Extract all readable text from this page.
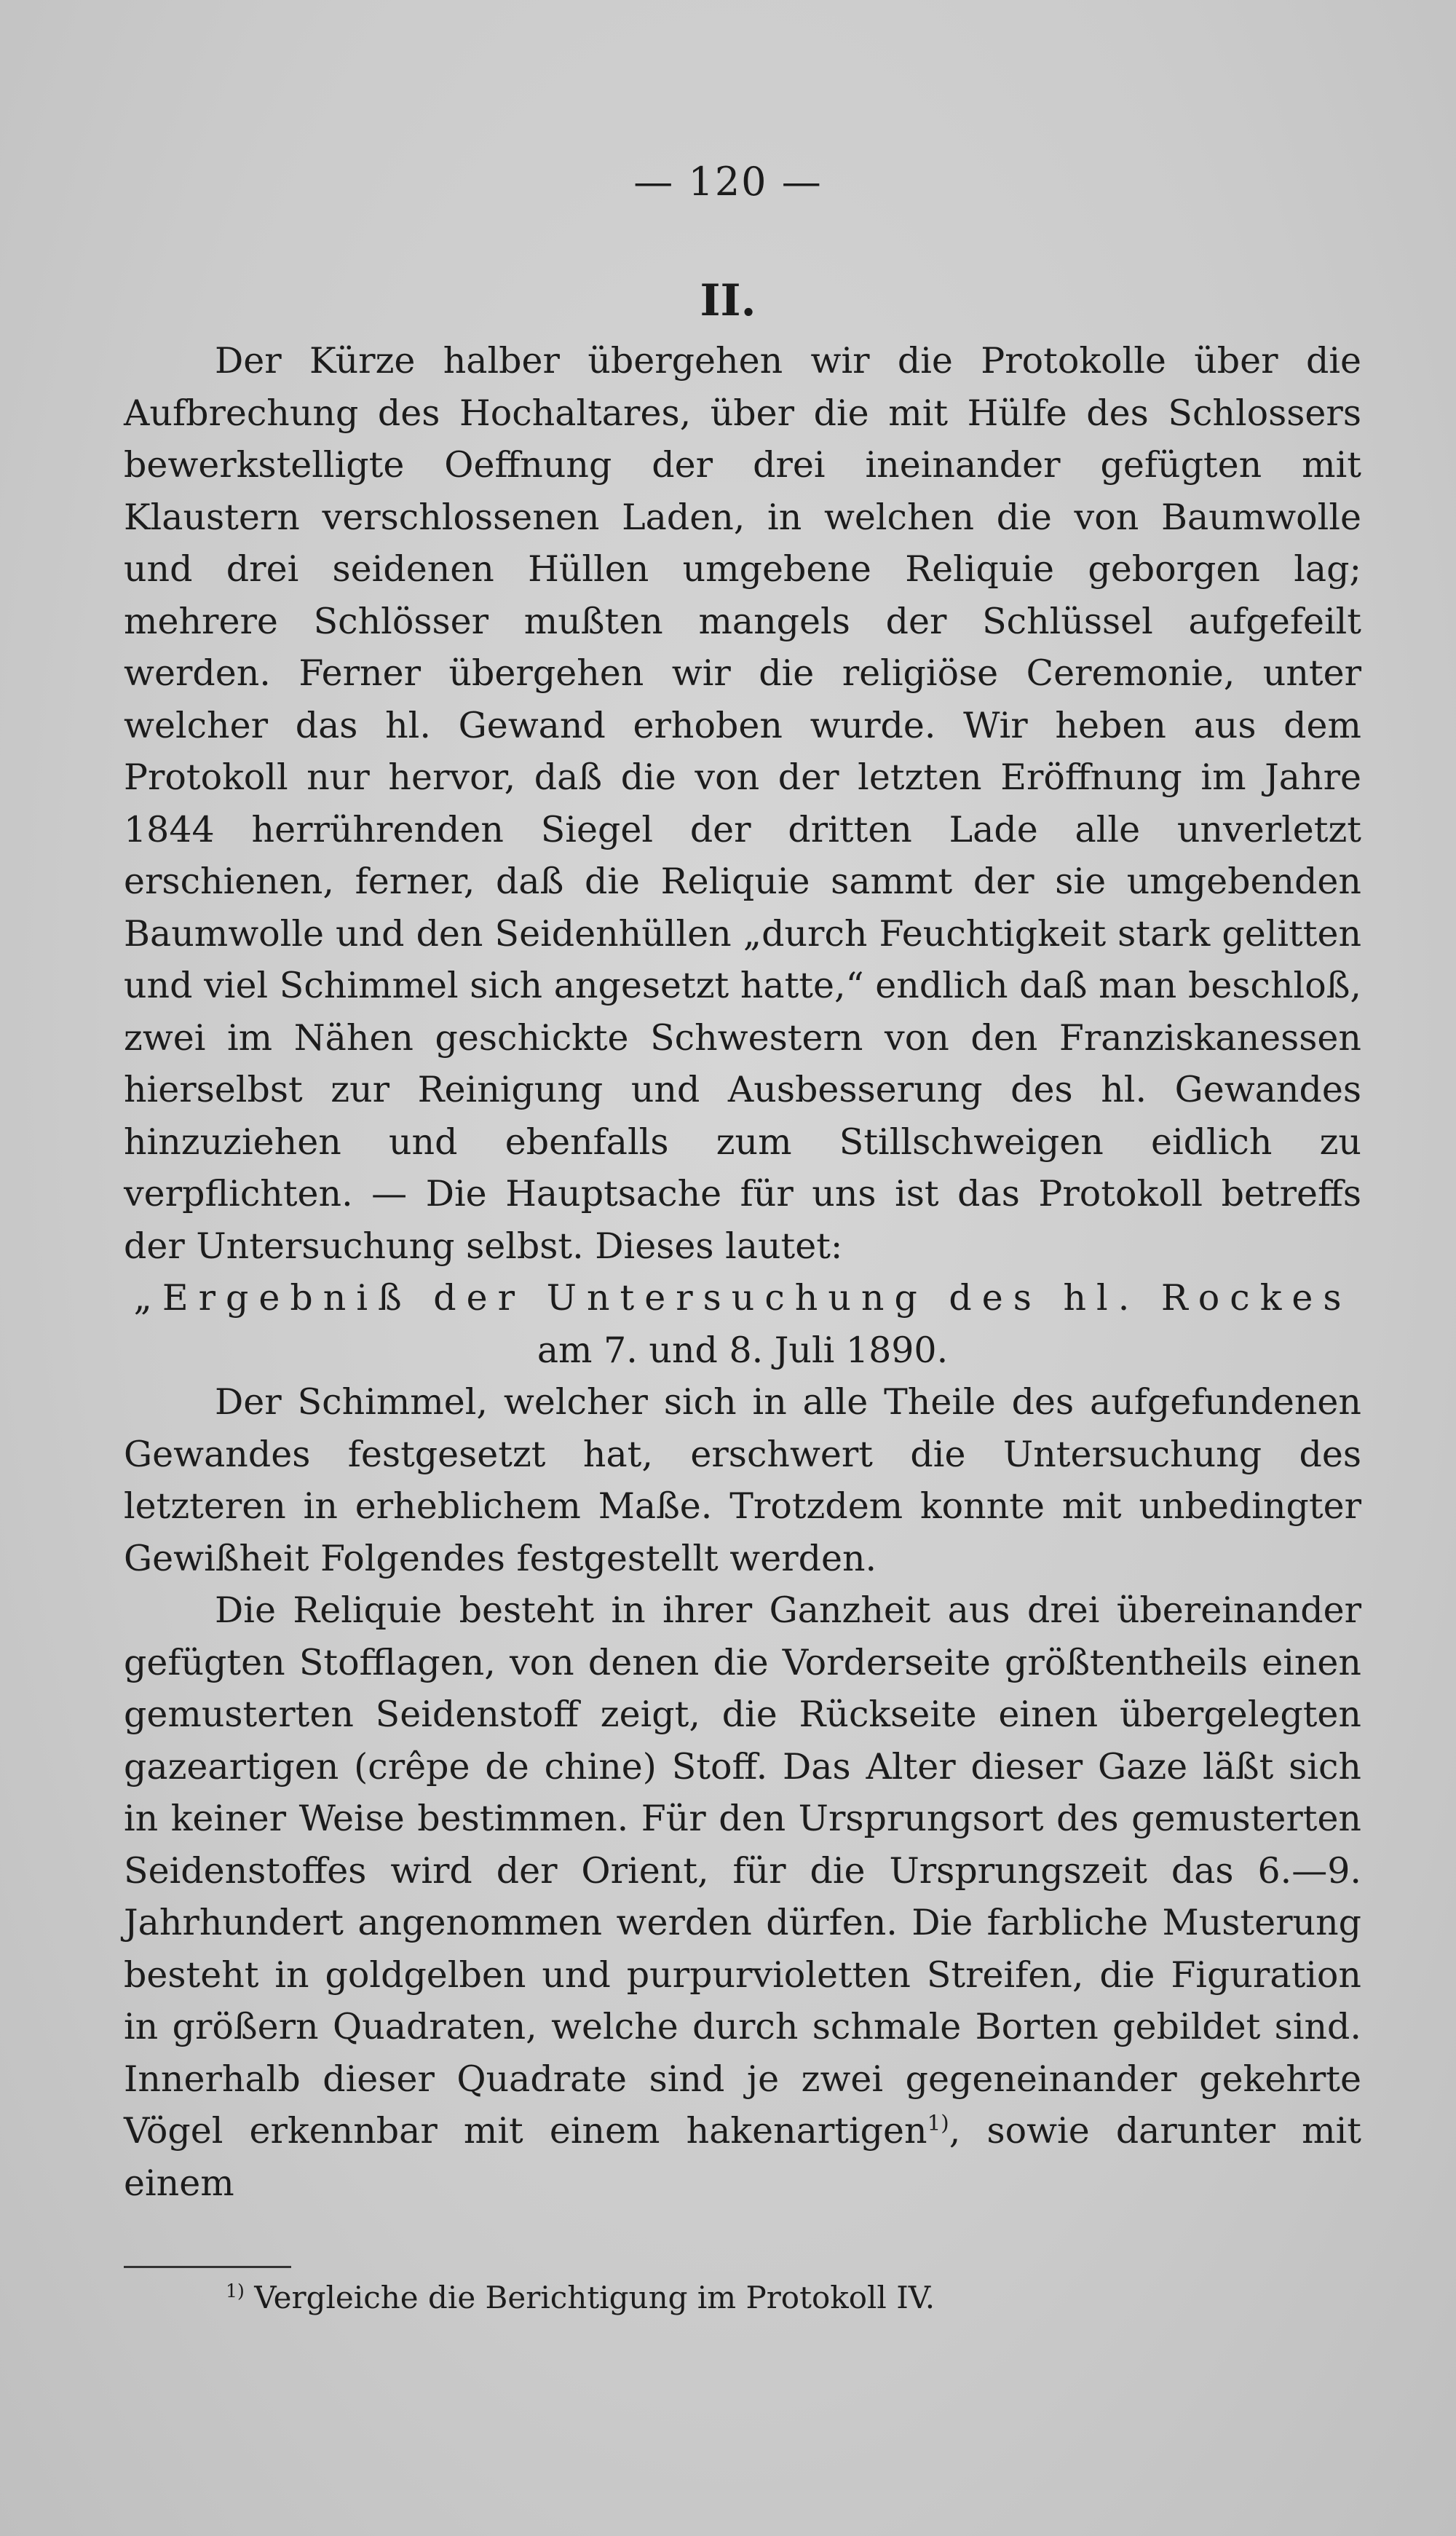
— 120 —
II.

Der Kürze halber übergehen wir die Protokolle über die Aufbrechung des Hochaltares, über die mit Hülfe des Schlossers bewerkstelligte Oeffnung der drei ineinander gefügten mit Klaustern verschlossenen Laden, in welchen die von Baumwolle und drei seidenen Hüllen umgebene Reliquie geborgen lag; mehrere Schlösser mußten mangels der Schlüssel aufgefeilt werden. Ferner übergehen wir die religiöse Ceremonie, unter welcher das hl. Gewand erhoben wurde. Wir heben aus dem Protokoll nur hervor, daß die von der letzten Eröffnung im Jahre 1844 herrührenden Siegel der dritten Lade alle unverletzt erschienen, ferner, daß die Reliquie sammt der sie umgebenden Baumwolle und den Seidenhüllen „durch Feuchtigkeit stark gelitten und viel Schimmel sich angesetzt hatte,“ endlich daß man beschloß, zwei im Nähen geschickte Schwestern von den Franziskanessen hierselbst zur Reinigung und Ausbesserung des hl. Gewandes hinzuziehen und ebenfalls zum Stillschweigen eidlich zu verpflichten. — Die Hauptsache für uns ist das Protokoll betreffs der Untersuchung selbst. Dieses lautet:

„Ergebniß der Untersuchung des hl. Rockes

am 7. und 8. Juli 1890.

Der Schimmel, welcher sich in alle Theile des aufgefundenen Gewandes festgesetzt hat, erschwert die Untersuchung des letzteren in erheblichem Maße. Trotzdem konnte mit unbedingter Gewißheit Folgendes festgestellt werden.

Die Reliquie besteht in ihrer Ganzheit aus drei übereinander gefügten Stofflagen, von denen die Vorderseite größtentheils einen gemusterten Seidenstoff zeigt, die Rückseite einen übergelegten gazeartigen (crêpe de chine) Stoff. Das Alter dieser Gaze läßt sich in keiner Weise bestimmen. Für den Ursprungsort des gemusterten Seidenstoffes wird der Orient, für die Ursprungszeit das 6.—9. Jahrhundert angenommen werden dürfen. Die farbliche Musterung besteht in goldgelben und purpurvioletten Streifen, die Figuration in größern Quadraten, welche durch schmale Borten gebildet sind. Innerhalb dieser Quadrate sind je zwei gegeneinander gekehrte Vögel erkennbar mit einem hakenartigen$^{1)}$, sowie darunter mit einem

$^{1)}$ Vergleiche die Berichtigung im Protokoll IV.
